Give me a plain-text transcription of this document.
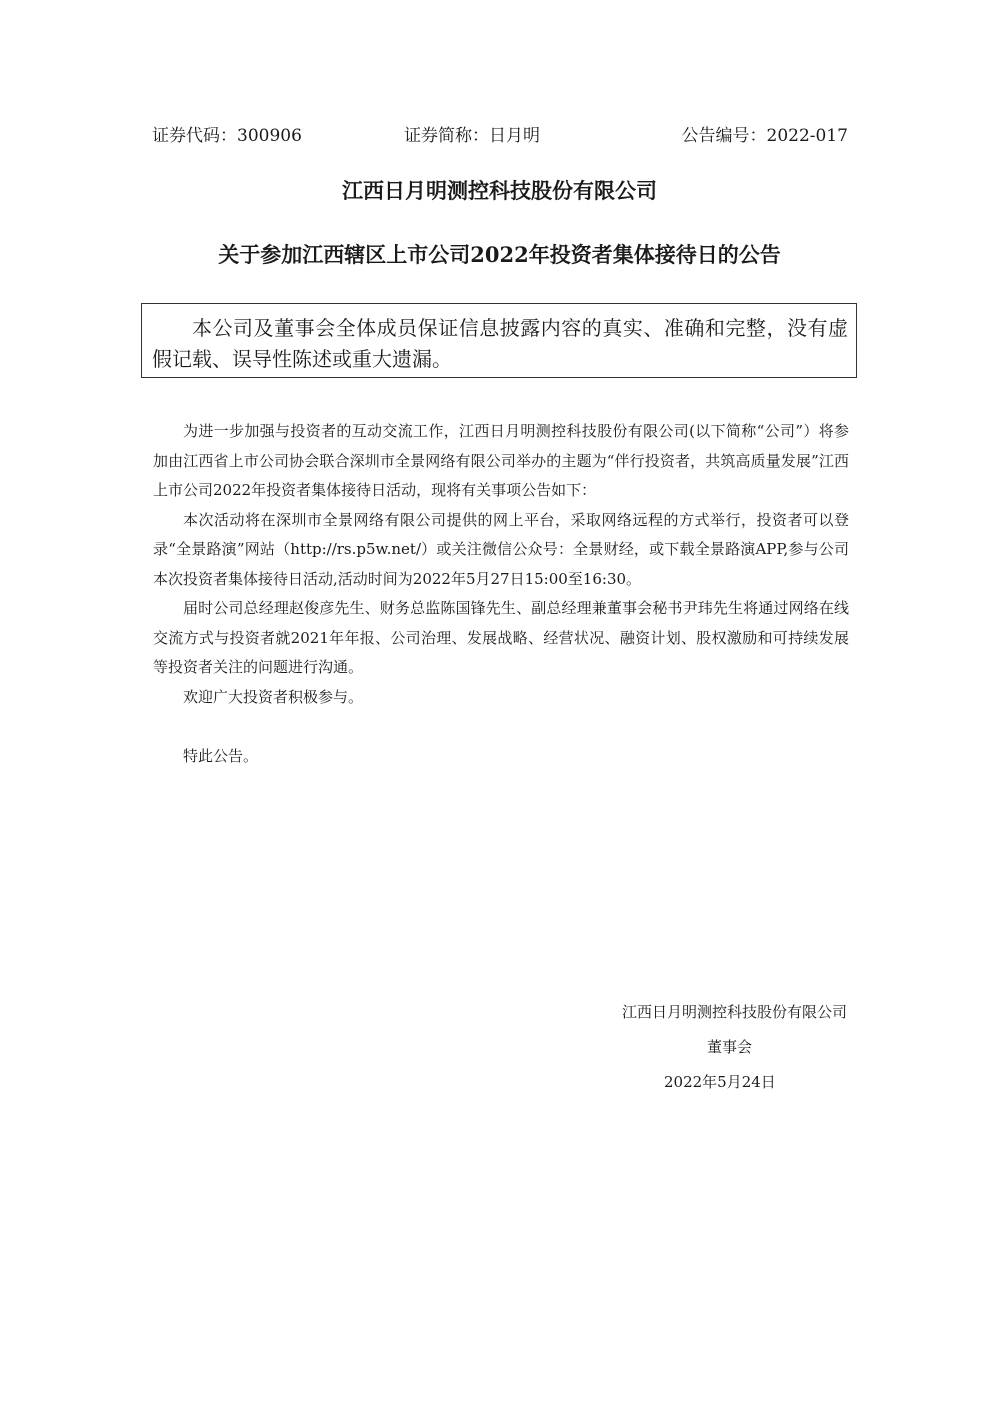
证券代码：300906	证券简称：日月明	公告编号：2022-017
江西日月明测控科技股份有限公司
关于参加江西辖区上市公司2022年投资者集体接待日的公告
本公司及董事会全体成员保证信息披露内容的真实、准确和完整，没有虚假记载、误导性陈述或重大遗漏。

为进一步加强与投资者的互动交流工作，江西日月明测控科技股份有限公司(以下简称“公司”）将参加由江西省上市公司协会联合深圳市全景网络有限公司举办的主题为“伴行投资者，共筑高质量发展”江西上市公司2022年投资者集体接待日活动，现将有关事项公告如下：

本次活动将在深圳市全景网络有限公司提供的网上平台，采取网络远程的方式举行，投资者可以登录“全景路演”网站（http://rs.p5w.net/）或关注微信公众号：全景财经，或下载全景路演APP,参与公司本次投资者集体接待日活动,活动时间为2022年5月27日15:00至16:30。

届时公司总经理赵俊彦先生、财务总监陈国锋先生、副总经理兼董事会秘书尹玮先生将通过网络在线交流方式与投资者就2021年年报、公司治理、发展战略、经营状况、融资计划、股权激励和可持续发展等投资者关注的问题进行沟通。

欢迎广大投资者积极参与。

特此公告。

江西日月明测控科技股份有限公司
董事会
2022年5月24日
